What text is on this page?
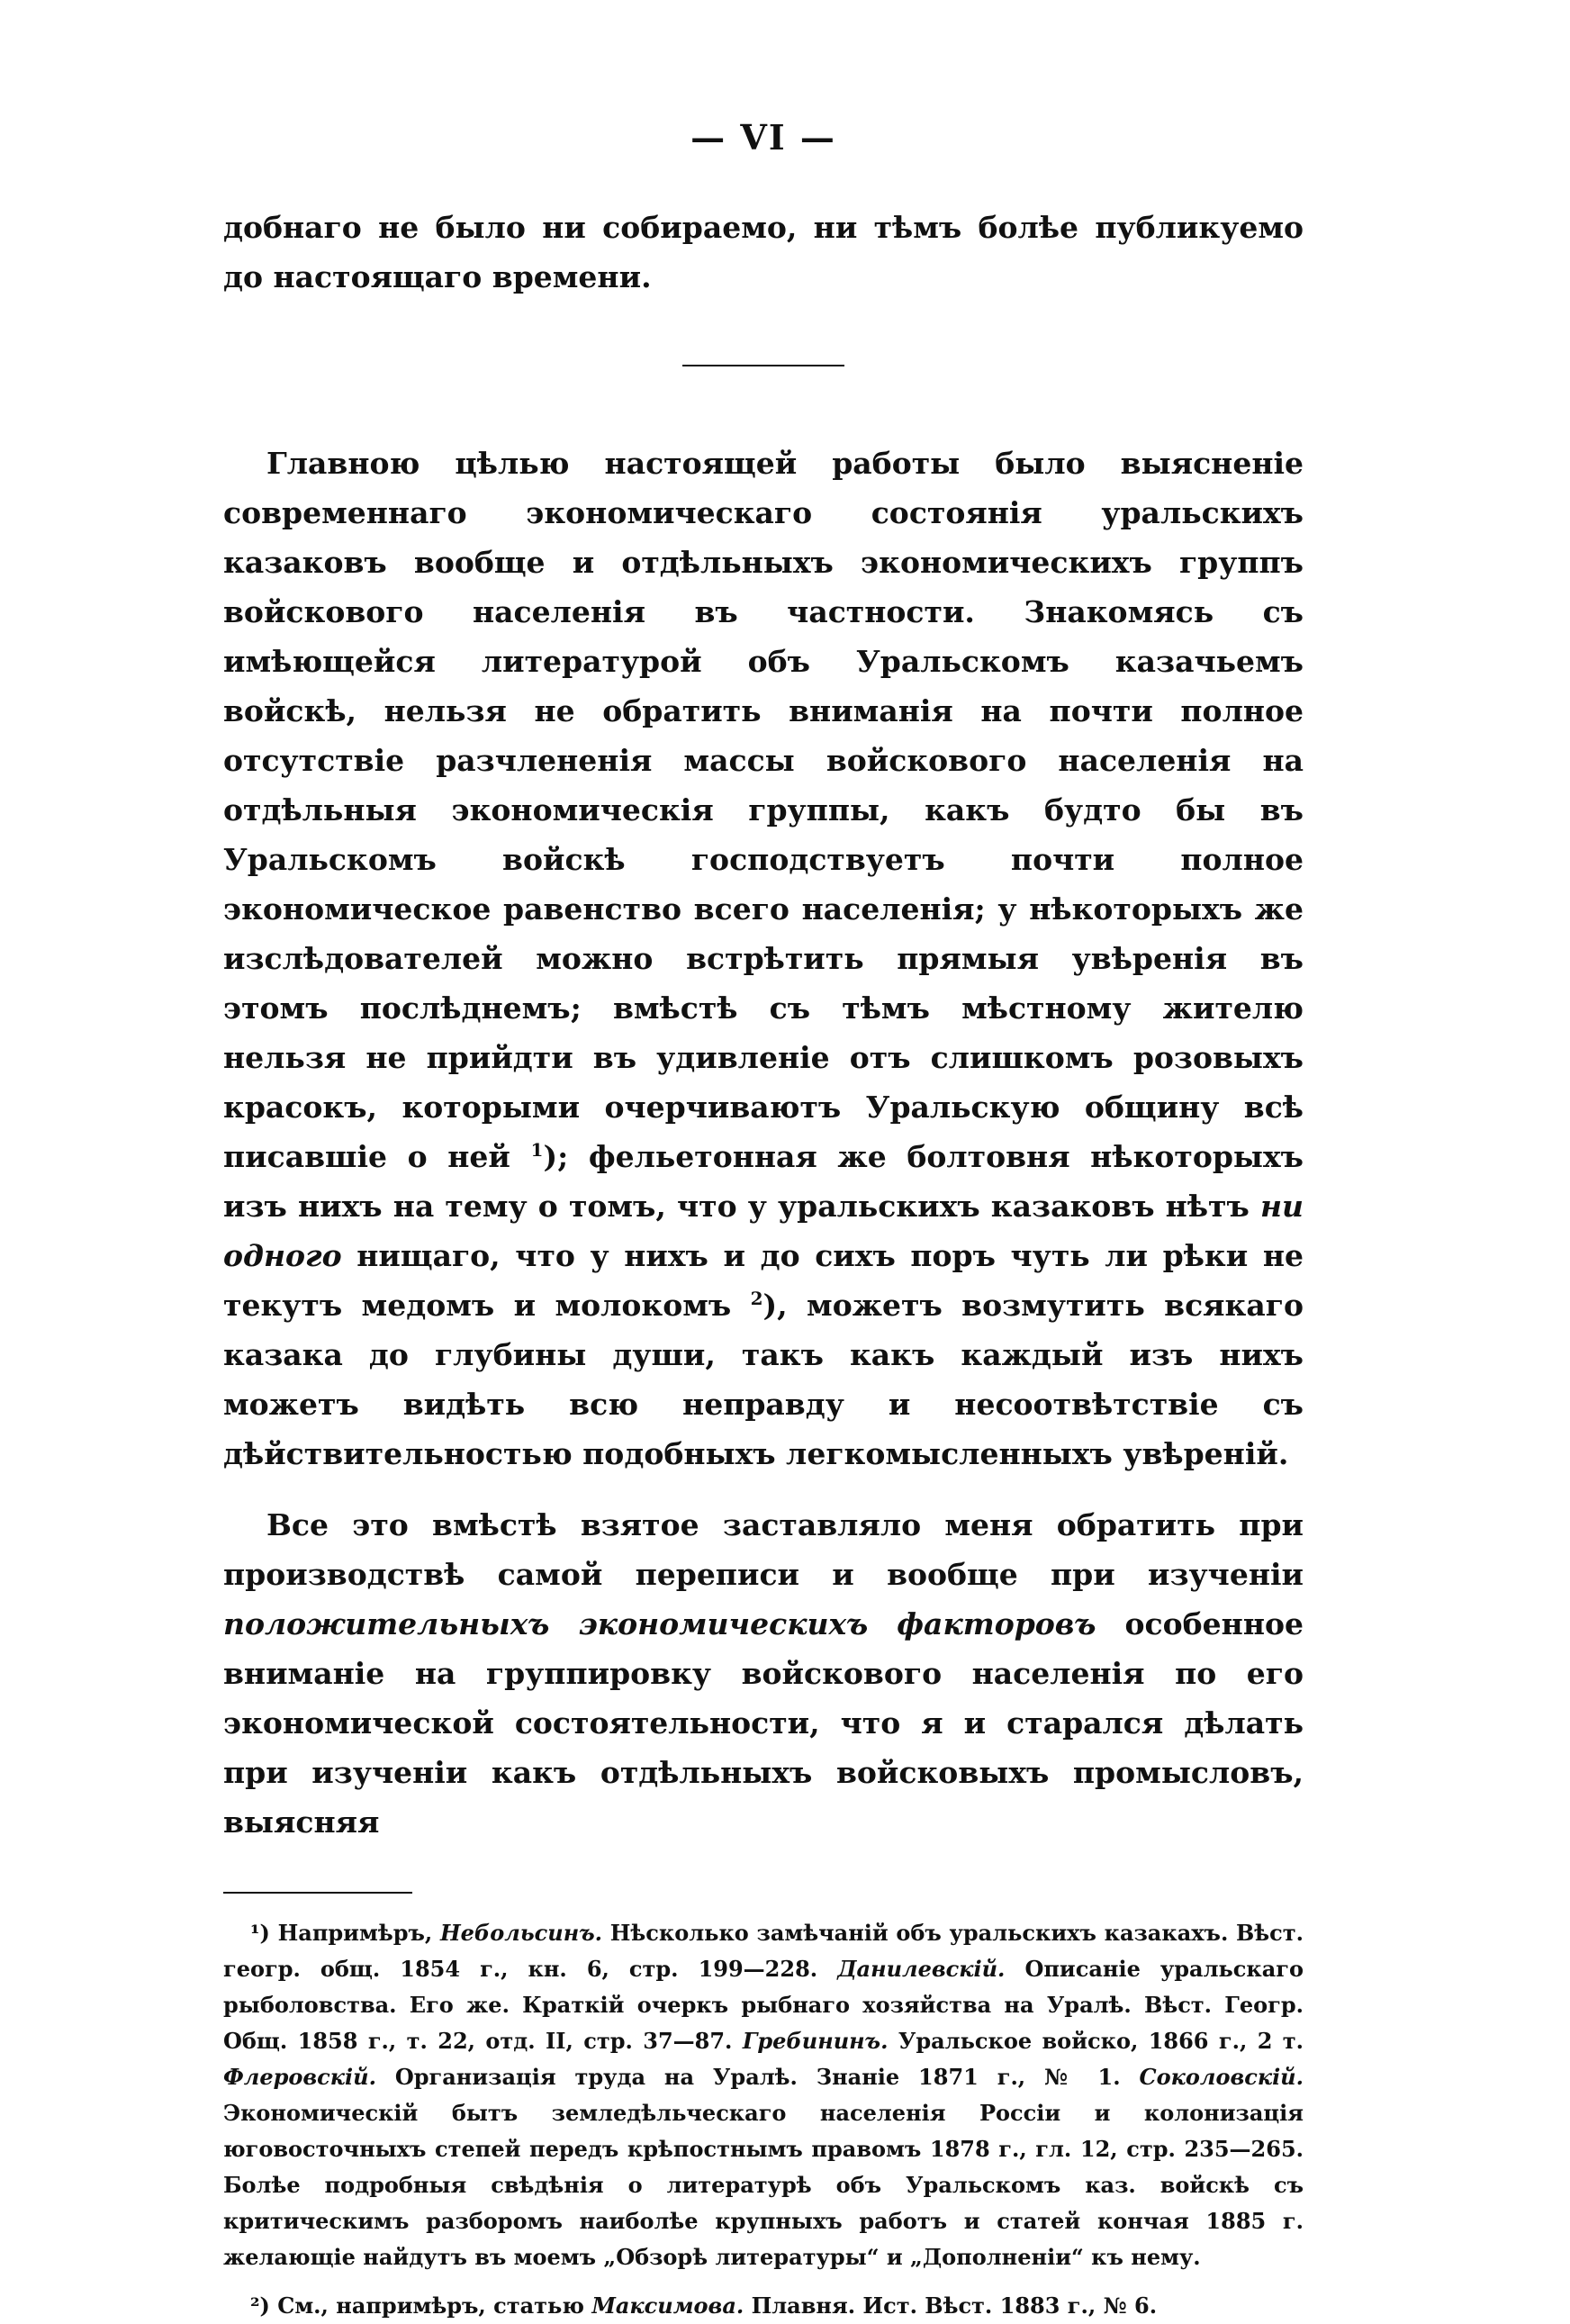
— VI —

добнаго не было ни собираемо, ни тѣмъ болѣе публикуемо до настоящаго времени.

Главною цѣлью настоящей работы было выясненіе современнаго экономическаго состоянія уральскихъ казаковъ вообще и отдѣльныхъ экономическихъ группъ войскового населенія въ частности. Знакомясь съ имѣющейся литературой объ Уральскомъ казачьемъ войскѣ, нельзя не обратить вниманія на почти полное отсутствіе разчлененія массы войскового населенія на отдѣльныя экономическія группы, какъ будто бы въ Уральскомъ войскѣ господствуетъ почти полное экономическое равенство всего населенія; у нѣкоторыхъ же изслѣдователей можно встрѣтить прямыя увѣренія въ этомъ послѣднемъ; вмѣстѣ съ тѣмъ мѣстному жителю нельзя не прийдти въ удивленіе отъ слишкомъ розовыхъ красокъ, которыми очерчиваютъ Уральскую общину всѣ писавшіе о ней $^1$); фельетонная же болтовня нѣкоторыхъ изъ нихъ на тему о томъ, что у уральскихъ казаковъ нѣтъ ни одного нищаго, что у нихъ и до сихъ поръ чуть ли рѣки не текутъ медомъ и молокомъ $^2$), можетъ возмутить всякаго казака до глубины души, такъ какъ каждый изъ нихъ можетъ видѣть всю неправду и несоотвѣтствіе съ дѣйствительностью подобныхъ легкомысленныхъ увѣреній.

Все это вмѣстѣ взятое заставляло меня обратить при производствѣ самой переписи и вообще при изученіи положительныхъ экономическихъ факторовъ особенное вниманіе на группировку войскового населенія по его экономической состоятельности, что я и старался дѣлать при изученіи какъ отдѣльныхъ войсковыхъ промысловъ, выясняя

¹) Напримѣръ, Небольсинъ. Нѣсколько замѣчаній объ уральскихъ казакахъ. Вѣст. геогр. общ. 1854 г., кн. 6, стр. 199—228. Данилевскій. Описаніе уральскаго рыболовства. Его же. Краткій очеркъ рыбнаго хозяйства на Уралѣ. Вѣст. Геогр. Общ. 1858 г., т. 22, отд. II, стр. 37—87. Гребининъ. Уральское войско, 1866 г., 2 т. Флеровскій. Организація труда на Уралѣ. Знаніе 1871 г., № 1. Соколовскій. Экономическій бытъ земледѣльческаго населенія Россіи и колонизація юговосточныхъ степей передъ крѣпостнымъ правомъ 1878 г., гл. 12, стр. 235—265. Болѣе подробныя свѣдѣнія о литературѣ объ Уральскомъ каз. войскѣ съ критическимъ разборомъ наиболѣе крупныхъ работъ и статей кончая 1885 г. желающіе найдутъ въ моемъ „Обзорѣ литературы“ и „Дополненіи“ къ нему.

²) См., напримѣръ, статью Максимова. Плавня. Ист. Вѣст. 1883 г., № 6.
